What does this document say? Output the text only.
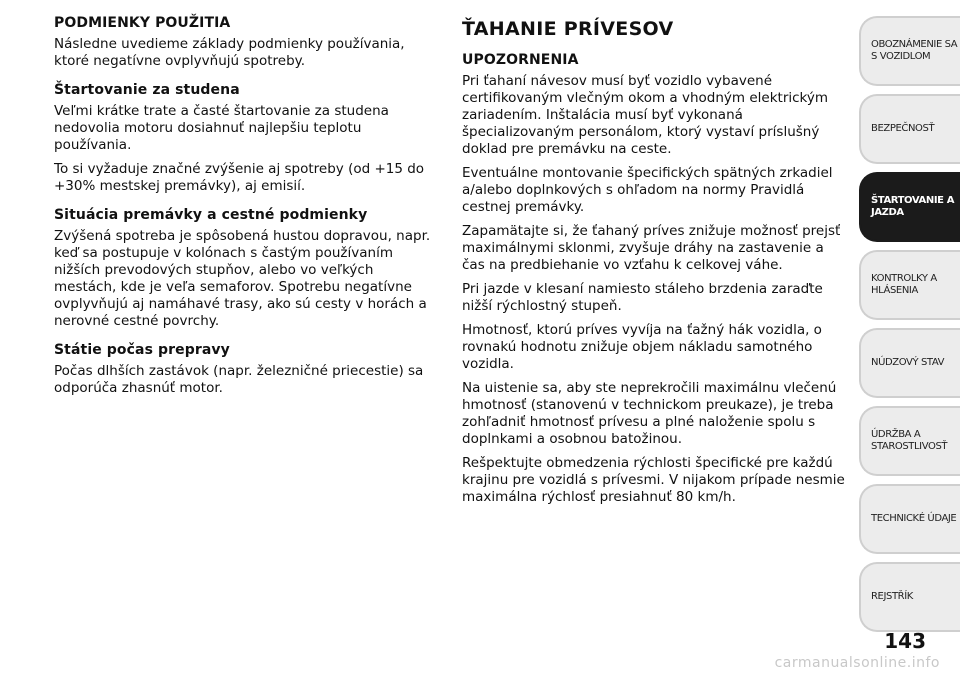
PODMIENKY POUŽITIA

Následne uvedieme základy podmienky používania, ktoré negatívne ovplyvňujú spotreby.

Štartovanie za studena

Veľmi krátke trate a časté štartovanie za studena nedovolia motoru dosiahnuť najlepšiu teplotu používania.

To si vyžaduje značné zvýšenie aj spotreby (od +15 do +30% mestskej premávky), aj emisií.

Situácia premávky a cestné podmienky

Zvýšená spotreba je spôsobená hustou dopravou, napr. keď sa postupuje v kolónach s častým používaním nižších prevodových stupňov, alebo vo veľkých mestách, kde je veľa semaforov. Spotrebu negatívne ovplyvňujú aj namáhavé trasy, ako sú cesty v horách a nerovné cestné povrchy.

Státie počas prepravy

Počas dlhších zastávok (napr. železničné priecestie) sa odporúča zhasnúť motor.

ŤAHANIE PRÍVESOV
UPOZORNENIA

Pri ťahaní návesov musí byť vozidlo vybavené certifikovaným vlečným okom a vhodným elektrickým zariadením. Inštalácia musí byť vykonaná špecializovaným personálom, ktorý vystaví príslušný doklad pre premávku na ceste.

Eventuálne montovanie špecifických spätných zrkadiel a/alebo doplnkových s ohľadom na normy Pravidlá cestnej premávky.

Zapamätajte si, že ťahaný príves znižuje možnosť prejsť maximálnymi sklonmi, zvyšuje dráhy na zastavenie a čas na predbiehanie vo vzťahu k celkovej váhe.

Pri jazde v klesaní namiesto stáleho brzdenia zaraďte nižší rýchlostný stupeň.

Hmotnosť, ktorú príves vyvíja na ťažný hák vozidla, o rovnakú hodnotu znižuje objem nákladu samotného vozidla.

Na uistenie sa, aby ste neprekročili maximálnu vlečenú hmotnosť (stanovenú v technickom preukaze), je treba zohľadniť hmotnosť prívesu a plné naloženie spolu s doplnkami a osobnou batožinou.

Rešpektujte obmedzenia rýchlosti špecifické pre každú krajinu pre vozidlá s prívesmi. V nijakom prípade nesmie maximálna rýchlosť presiahnuť 80 km/h.

OBOZNÁMENIE SA S VOZIDLOM
BEZPEČNOSŤ
ŠTARTOVANIE A JAZDA
KONTROLKY A HLÁSENIA
NÚDZOVÝ STAV
ÚDRŽBA A STAROSTLIVOSŤ
TECHNICKÉ ÚDAJE
REJSTŘÍK
143
carmanualsonline.info
